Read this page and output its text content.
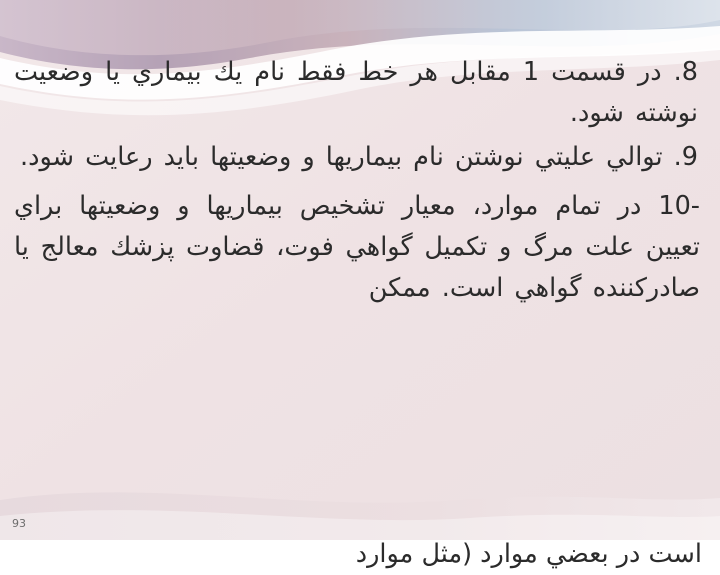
8. در قسمت 1 مقابل هر خط فقط نام يك بيماري يا وضعيت نوشته شود.

9. توالي عليتي نوشتن نام بيماريها و وضعيتها بايد رعايت شود.

-10 در تمام موارد، معيار تشخيص بيماريها و وضعيتها براي تعيين علت مرگ و تكميل گواهي فوت، قضاوت پزشك معالج يا صادركننده گواهي است. ممكن

است در بعضي موارد (مثل موارد
93
